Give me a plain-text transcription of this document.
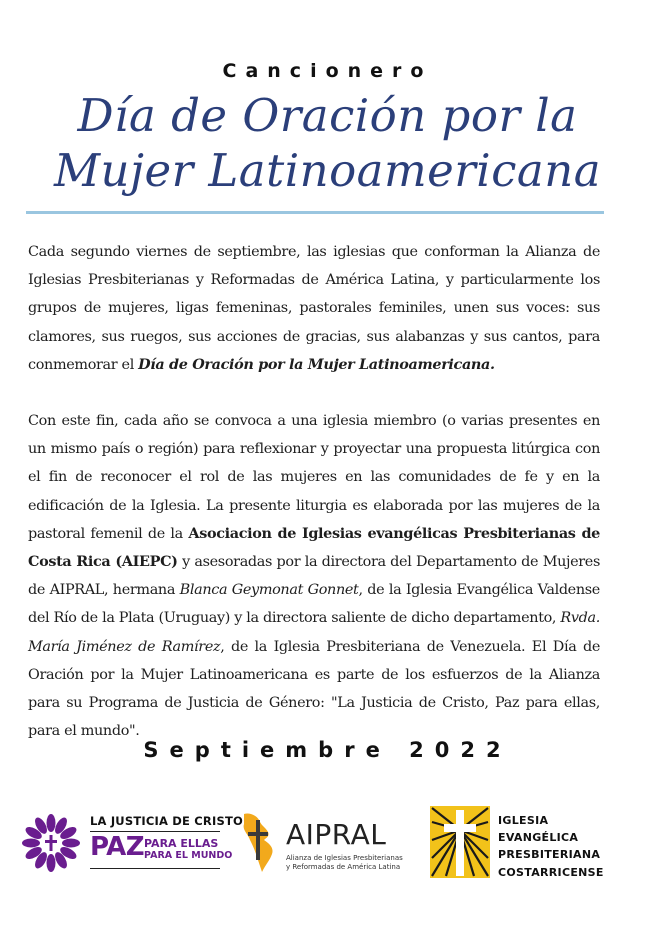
Cancionero
Día de Oración por la
Mujer Latinoamericana

Cada segundo viernes de septiembre, las iglesias que conforman la Alianza de Iglesias Presbiterianas y Reformadas de América Latina, y particularmente los grupos de mujeres, ligas femeninas, pastorales feminiles, unen sus voces: sus clamores, sus ruegos, sus acciones de gracias, sus alabanzas y sus cantos, para conmemorar el Día de Oración por la Mujer Latinoamericana.

Con este fin, cada año se convoca a una iglesia miembro (o varias presentes en un mismo país o región) para reflexionar y proyectar una propuesta litúrgica con el fin de reconocer el rol de las mujeres en las comunidades de fe y en la edificación de la Iglesia. La presente liturgia es elaborada por las mujeres de la pastoral femenil de la Asociacion de Iglesias evangélicas Presbiterianas de Costa Rica (AIEPC) y asesoradas por la directora del Departamento de Mujeres de AIPRAL, hermana Blanca Geymonat Gonnet, de la Iglesia Evangélica Valdense del Río de la Plata (Uruguay) y la directora saliente de dicho departamento, Rvda. María Jiménez de Ramírez, de la Iglesia Presbiteriana de Venezuela. El Día de Oración por la Mujer Latinoamericana es parte de los esfuerzos de la Alianza para su Programa de Justicia de Género: "La Justicia de Cristo, Paz para ellas, para el mundo".

Septiembre 2022
LA JUSTICIA DE CRISTO
PAZ PARA ELLAS
PARA EL MUNDO
AIPRAL
Alianza de Iglesias Presbiterianas
y Reformadas de América Latina
IGLESIA
EVANGÉLICA
PRESBITERIANA
COSTARRICENSE
